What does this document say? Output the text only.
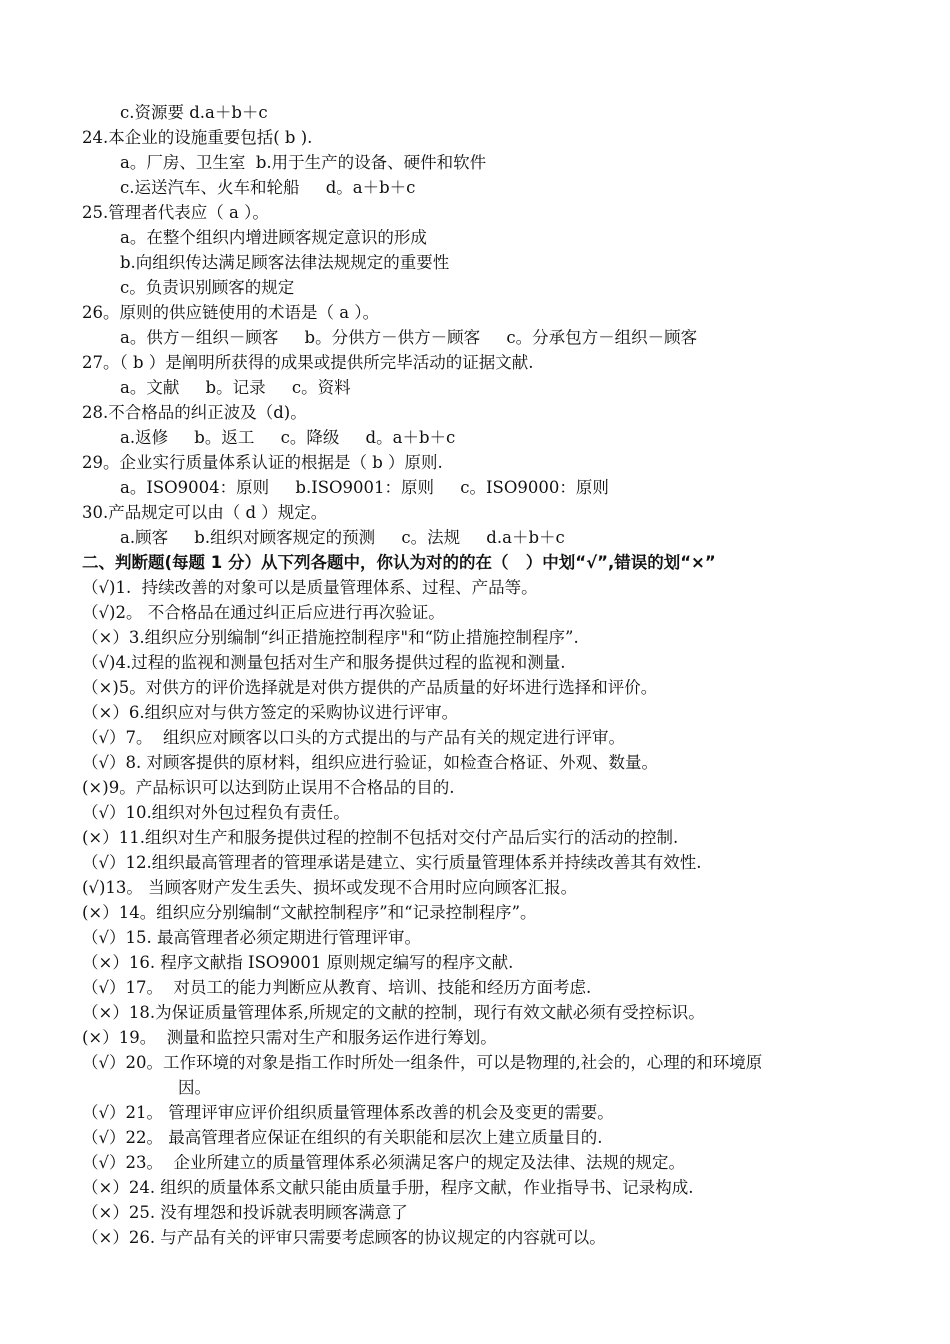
c.资源要 d.a＋b＋c
24.本企业的设施重要包括( b ).
a。厂房、卫生室  b.用于生产的设备、硬件和软件
c.运送汽车、火车和轮船     d。a＋b＋c
25.管理者代表应（ a ）。
a。在整个组织内增进顾客规定意识的形成
b.向组织传达满足顾客法律法规规定的重要性
c。负责识别顾客的规定
26。原则的供应链使用的术语是（ a ）。
a。供方－组织－顾客     b。分供方－供方－顾客     c。分承包方－组织－顾客
27。（ b ）是阐明所获得的成果或提供所完毕活动的证据文献.
a。文献     b。记录     c。资料
28.不合格品的纠正波及（d)。
a.返修     b。返工     c。降级     d。a＋b＋c
29。企业实行质量体系认证的根据是（ b ）原则.
a。ISO9004：原则     b.ISO9001：原则     c。ISO9000：原则
30.产品规定可以由（ d ）规定。
a.顾客     b.组织对顾客规定的预测     c。法规     d.a＋b＋c
二、判断题(每题 1 分）从下列各题中，你认为对的的在（   ）中划“√”,错误的划“×”
（√)1.  持续改善的对象可以是质量管理体系、过程、产品等。
（√)2。 不合格品在通过纠正后应进行再次验证。
（×）3.组织应分别编制“纠正措施控制程序"和“防止措施控制程序”.
（√)4.过程的监视和测量包括对生产和服务提供过程的监视和测量.
（×)5。对供方的评价选择就是对供方提供的产品质量的好坏进行选择和评价。
（×）6.组织应对与供方签定的采购协议进行评审。
（√）7。  组织应对顾客以口头的方式提出的与产品有关的规定进行评审。
（√）8. 对顾客提供的原材料，组织应进行验证，如检查合格证、外观、数量。
(×)9。产品标识可以达到防止误用不合格品的目的.
（√）10.组织对外包过程负有责任。
(×）11.组织对生产和服务提供过程的控制不包括对交付产品后实行的活动的控制.
（√）12.组织最高管理者的管理承诺是建立、实行质量管理体系并持续改善其有效性.
(√)13。 当顾客财产发生丢失、损坏或发现不合用时应向顾客汇报。
(×）14。组织应分别编制“文献控制程序”和“记录控制程序”。
（√）15. 最高管理者必须定期进行管理评审。
（×）16. 程序文献指 ISO9001 原则规定编写的程序文献.
（√）17。  对员工的能力判断应从教育、培训、技能和经历方面考虑.
（×）18.为保证质量管理体系,所规定的文献的控制，现行有效文献必须有受控标识。
(×）19。  测量和监控只需对生产和服务运作进行筹划。
（√）20。工作环境的对象是指工作时所处一组条件，可以是物理的,社会的，心理的和环境原
因。
（√）21。 管理评审应评价组织质量管理体系改善的机会及变更的需要。
（√）22。 最高管理者应保证在组织的有关职能和层次上建立质量目的.
（√）23。  企业所建立的质量管理体系必须满足客户的规定及法律、法规的规定。
（×）24. 组织的质量体系文献只能由质量手册，程序文献，作业指导书、记录构成.
（×）25. 没有埋怨和投诉就表明顾客满意了
（×）26. 与产品有关的评审只需要考虑顾客的协议规定的内容就可以。
